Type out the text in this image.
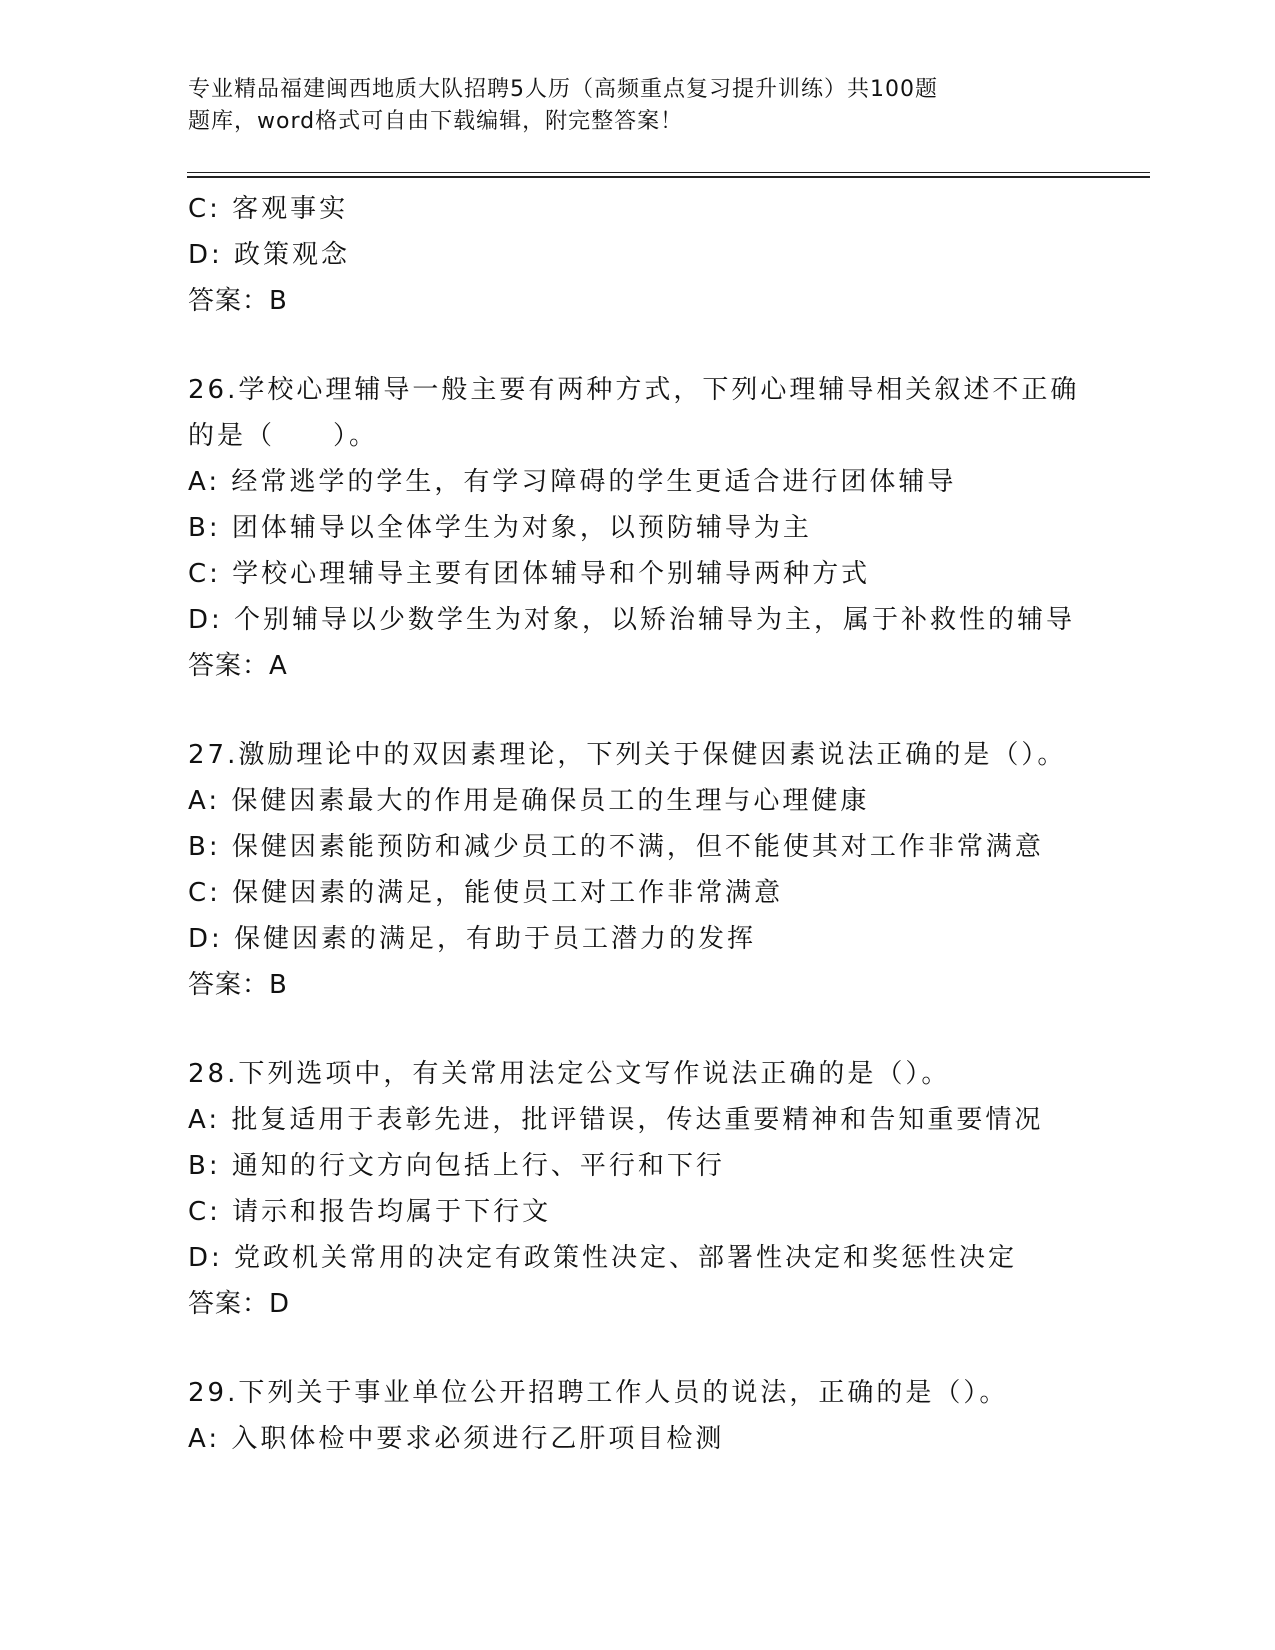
专业精品福建闽西地质大队招聘5人历（高频重点复习提升训练）共100题
题库，word格式可自由下载编辑，附完整答案！
C: 客观事实
D: 政策观念
答案：B
26.学校心理辅导一般主要有两种方式，下列心理辅导相关叙述不正确
的是（　　）。
A: 经常逃学的学生，有学习障碍的学生更适合进行团体辅导
B: 团体辅导以全体学生为对象，以预防辅导为主
C: 学校心理辅导主要有团体辅导和个别辅导两种方式
D: 个别辅导以少数学生为对象，以矫治辅导为主，属于补救性的辅导
答案：A
27.激励理论中的双因素理论，下列关于保健因素说法正确的是（）。
A: 保健因素最大的作用是确保员工的生理与心理健康
B: 保健因素能预防和减少员工的不满，但不能使其对工作非常满意
C: 保健因素的满足，能使员工对工作非常满意
D: 保健因素的满足，有助于员工潜力的发挥
答案：B
28.下列选项中，有关常用法定公文写作说法正确的是（）。
A: 批复适用于表彰先进，批评错误，传达重要精神和告知重要情况
B: 通知的行文方向包括上行、平行和下行
C: 请示和报告均属于下行文
D: 党政机关常用的决定有政策性决定、部署性决定和奖惩性决定
答案：D
29.下列关于事业单位公开招聘工作人员的说法，正确的是（）。
A: 入职体检中要求必须进行乙肝项目检测
